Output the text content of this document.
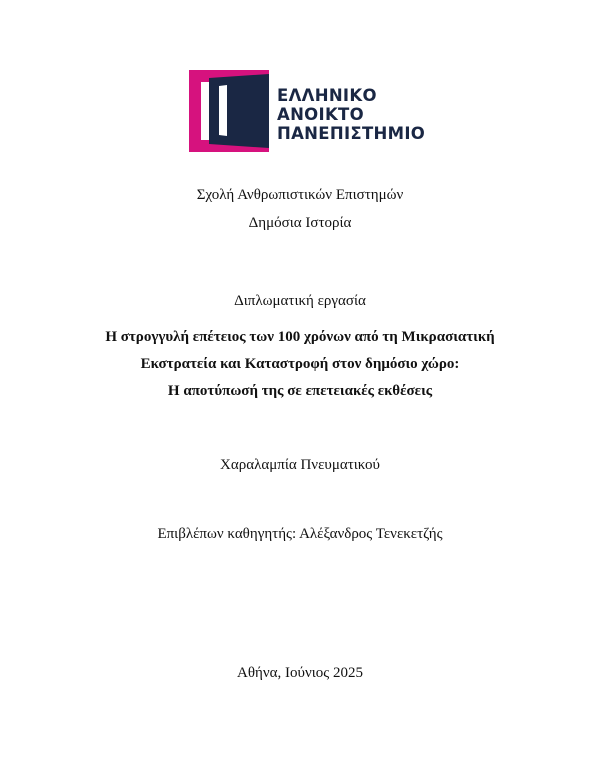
ΕΛΛΗΝΙΚΟ
ΑΝΟΙΚΤΟ
ΠΑΝΕΠΙΣΤΗΜΙΟ
Σχολή Ανθρωπιστικών Επιστημών
Δημόσια Ιστορία
Διπλωματική εργασία
Η στρογγυλή επέτειος των 100 χρόνων από τη Μικρασιατική
Εκστρατεία και Καταστροφή στον δημόσιο χώρο:
Η αποτύπωσή της σε επετειακές εκθέσεις
Χαραλαμπία Πνευματικού
Επιβλέπων καθηγητής: Αλέξανδρος Τενεκετζής
Αθήνα, Ιούνιος 2025
